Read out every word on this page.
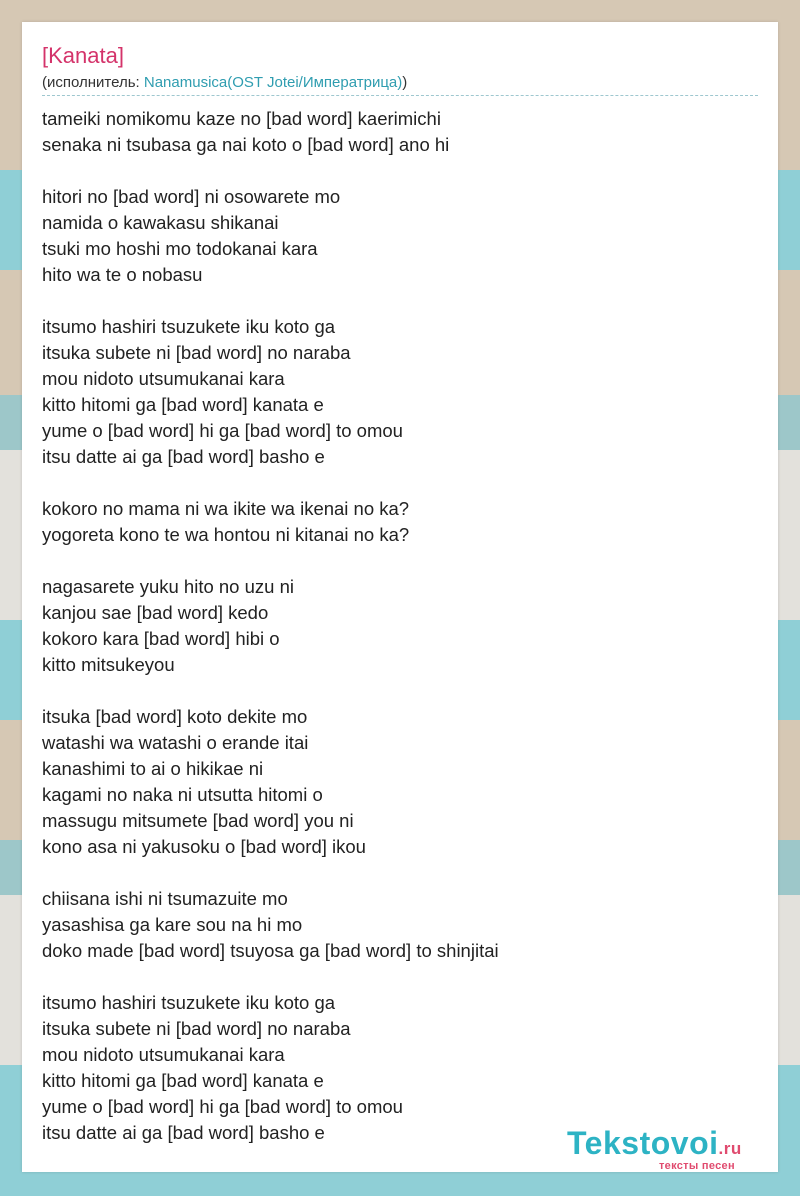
[Kanata]
(исполнитель: Nanamusica(OST Jotei/Императрица))
tameiki nomikomu kaze no [bad word] kaerimichi
senaka ni tsubasa ga nai koto o [bad word] ano hi
hitori no [bad word] ni osowarete mo
namida o kawakasu shikanai
tsuki mo hoshi mo todokanai kara
hito wa te o nobasu
itsumo hashiri tsuzukete iku koto ga
itsuka subete ni [bad word] no naraba
mou nidoto utsumukanai kara
kitto hitomi ga [bad word] kanata e
yume o [bad word] hi ga [bad word] to omou
itsu datte ai ga [bad word] basho e
kokoro no mama ni wa ikite wa ikenai no ka?
yogoreta kono te wa hontou ni kitanai no ka?
nagasarete yuku hito no uzu ni
kanjou sae [bad word] kedo
kokoro kara [bad word] hibi o
kitto mitsukeyou
itsuka [bad word] koto dekite mo
watashi wa watashi o erande itai
kanashimi to ai o hikikae ni
kagami no naka ni utsutta hitomi o
massugu mitsumete [bad word] you ni
kono asa ni yakusoku o [bad word] ikou
chiisana ishi ni tsumazuite mo
yasashisa ga kare sou na hi mo
doko made [bad word] tsuyosa ga [bad word] to shinjitai
itsumo hashiri tsuzukete iku koto ga
itsuka subete ni [bad word] no naraba
mou nidoto utsumukanai kara
kitto hitomi ga [bad word] kanata e
yume o [bad word] hi ga [bad word] to omou
itsu datte ai ga [bad word] basho e	Tekstovoi.ru
тексты песен
